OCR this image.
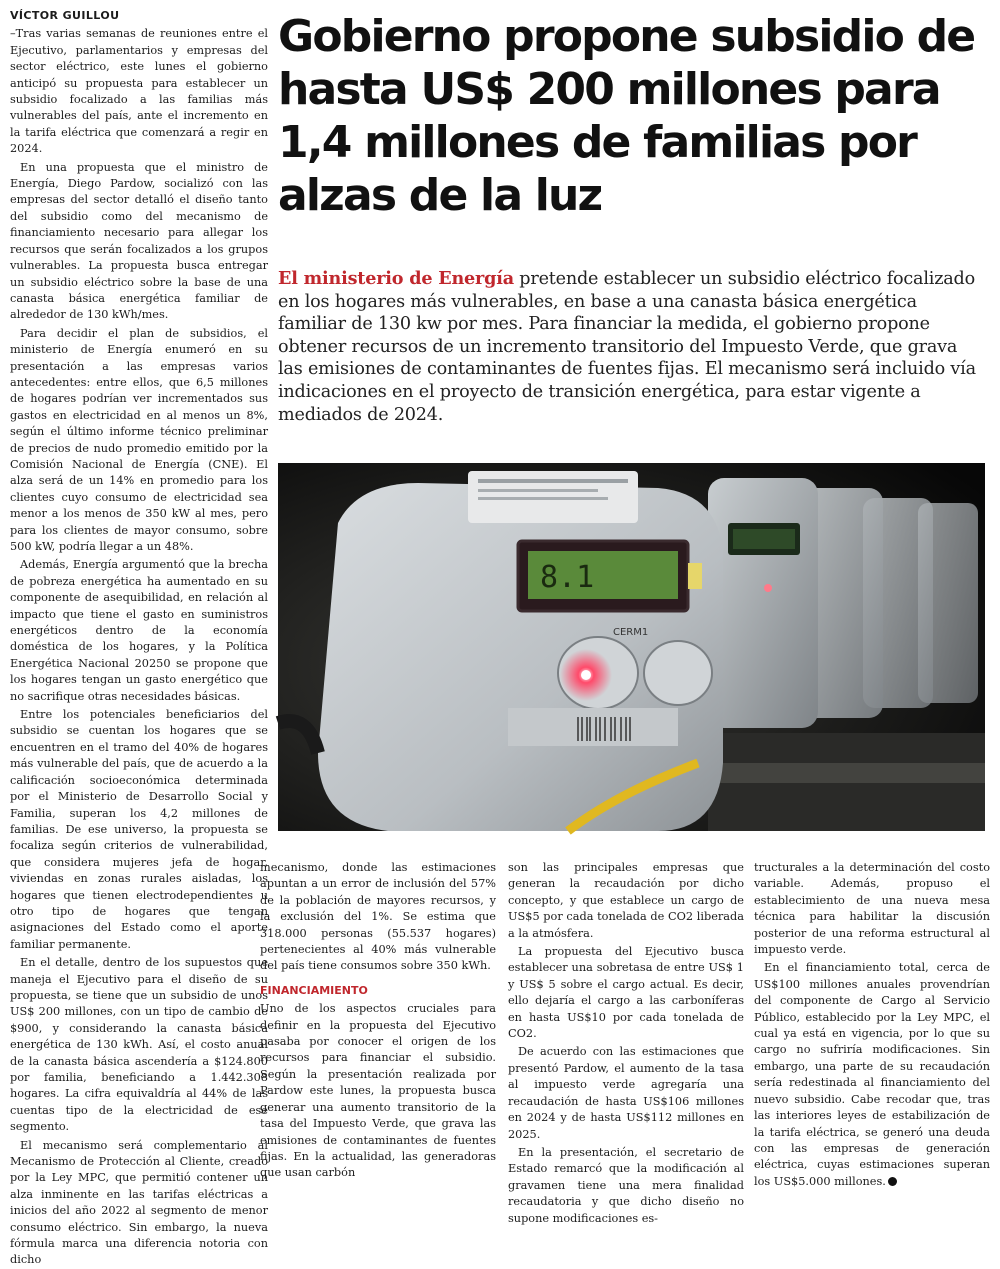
VÍCTOR GUILLOU

–Tras varias semanas de reuniones entre el Ejecutivo, parlamentarios y empresas del sector eléctrico, este lunes el gobierno anticipó su propuesta para establecer un subsidio focalizado a las familias más vulnerables del país, ante el incremento en la tarifa eléctrica que comenzará a regir en 2024.

En una propuesta que el ministro de Energía, Diego Pardow, socializó con las empresas del sector detalló el diseño tanto del subsidio como del mecanismo de financiamiento necesario para allegar los recursos que serán focalizados a los grupos vulnerables. La propuesta busca entregar un subsidio eléctrico sobre la base de una canasta básica energética familiar de alrededor de 130 kWh/mes.

Para decidir el plan de subsidios, el ministerio de Energía enumeró en su presentación a las empresas varios antecedentes: entre ellos, que 6,5 millones de hogares podrían ver incrementados sus gastos en electricidad en al menos un 8%, según el último informe técnico preliminar de precios de nudo promedio emitido por la Comisión Nacional de Energía (CNE). El alza será de un 14% en promedio para los clientes cuyo consumo de electricidad sea menor a los menos de 350 kW al mes, pero para los clientes de mayor consumo, sobre 500 kW, podría llegar a un 48%.

Además, Energía argumentó que la brecha de pobreza energética ha aumentado en su componente de asequibilidad, en relación al impacto que tiene el gasto en suministros energéticos dentro de la economía doméstica de los hogares, y la Política Energética Nacional 20250 se propone que los hogares tengan un gasto energético que no sacrifique otras necesidades básicas.

Entre los potenciales beneficiarios del subsidio se cuentan los hogares que se encuentren en el tramo del 40% de hogares más vulnerable del país, que de acuerdo a la calificación socioeconómica determinada por el Ministerio de Desarrollo Social y Familia, superan los 4,2 millones de familias. De ese universo, la propuesta se focaliza según criterios de vulnerabilidad, que considera mujeres jefa de hogar, viviendas en zonas rurales aisladas, los hogares que tienen electrodependientes u otro tipo de hogares que tengan asignaciones del Estado como el aporte familiar permanente.

En el detalle, dentro de los supuestos que maneja el Ejecutivo para el diseño de su propuesta, se tiene que un subsidio de unos US$ 200 millones, con un tipo de cambio de $900, y considerando la canasta básica energética de 130 kWh. Así, el costo anual de la canasta básica ascendería a $124.800 por familia, beneficiando a 1.442.308 hogares. La cifra equivaldría al 44% de las cuentas tipo de la electricidad de ese segmento.

El mecanismo será complementario al Mecanismo de Protección al Cliente, creado por la Ley MPC, que permitió contener un alza inminente en las tarifas eléctricas a inicios del año 2022 al segmento de menor consumo eléctrico. Sin embargo, la nueva fórmula marca una diferencia notoria con dicho

Gobierno propone subsidio de hasta US$ 200 millones para 1,4 millones de familias por alzas de la luz

El ministerio de Energía pretende establecer un subsidio eléctrico focalizado en los hogares más vulnerables, en base a una canasta básica energética familiar de 130 kw por mes. Para financiar la medida, el gobierno propone obtener recursos de un incremento transitorio del Impuesto Verde, que grava las emisiones de contaminantes de fuentes fijas. El mecanismo será incluido vía indicaciones en el proyecto de transición energética, para estar vigente a mediados de 2024.

8.1
CERM1

mecanismo, donde las estimaciones apuntan a un error de inclusión del 57% de la población de mayores recursos, y la exclusión del 1%. Se estima que 318.000 personas (55.537 hogares) pertenecientes al 40% más vulnerable del país tiene consumos sobre 350 kWh.

FINANCIAMIENTO

Uno de los aspectos cruciales para definir en la propuesta del Ejecutivo pasaba por conocer el origen de los recursos para financiar el subsidio. Según la presentación realizada por Pardow este lunes, la propuesta busca generar una aumento transitorio de la tasa del Impuesto Verde, que grava las emisiones de contaminantes de fuentes fijas. En la actualidad, las generadoras que usan carbón

son las principales empresas que generan la recaudación por dicho concepto, y que establece un cargo de US$5 por cada tonelada de CO2 liberada a la atmósfera.

La propuesta del Ejecutivo busca establecer una sobretasa de entre US$ 1 y US$ 5 sobre el cargo actual. Es decir, ello dejaría el cargo a las carboníferas en hasta US$10 por cada tonelada de CO2.

De acuerdo con las estimaciones que presentó Pardow, el aumento de la tasa al impuesto verde agregaría una recaudación de hasta US$106 millones en 2024 y de hasta US$112 millones en 2025.

En la presentación, el secretario de Estado remarcó que la modificación al gravamen tiene una mera finalidad recaudatoria y que dicho diseño no supone modificaciones es-

tructurales a la determinación del costo variable. Además, propuso el establecimiento de una nueva mesa técnica para habilitar la discusión posterior de una reforma estructural al impuesto verde.

En el financiamiento total, cerca de US$100 millones anuales provendrían del componente de Cargo al Servicio Público, establecido por la Ley MPC, el cual ya está en vigencia, por lo que su cargo no sufriría modificaciones. Sin embargo, una parte de su recaudación sería redestinada al financiamiento del nuevo subsidio. Cabe recodar que, tras las interiores leyes de estabilización de la tarifa eléctrica, se generó una deuda con las empresas de generación eléctrica, cuyas estimaciones superan los US$5.000 millones.
